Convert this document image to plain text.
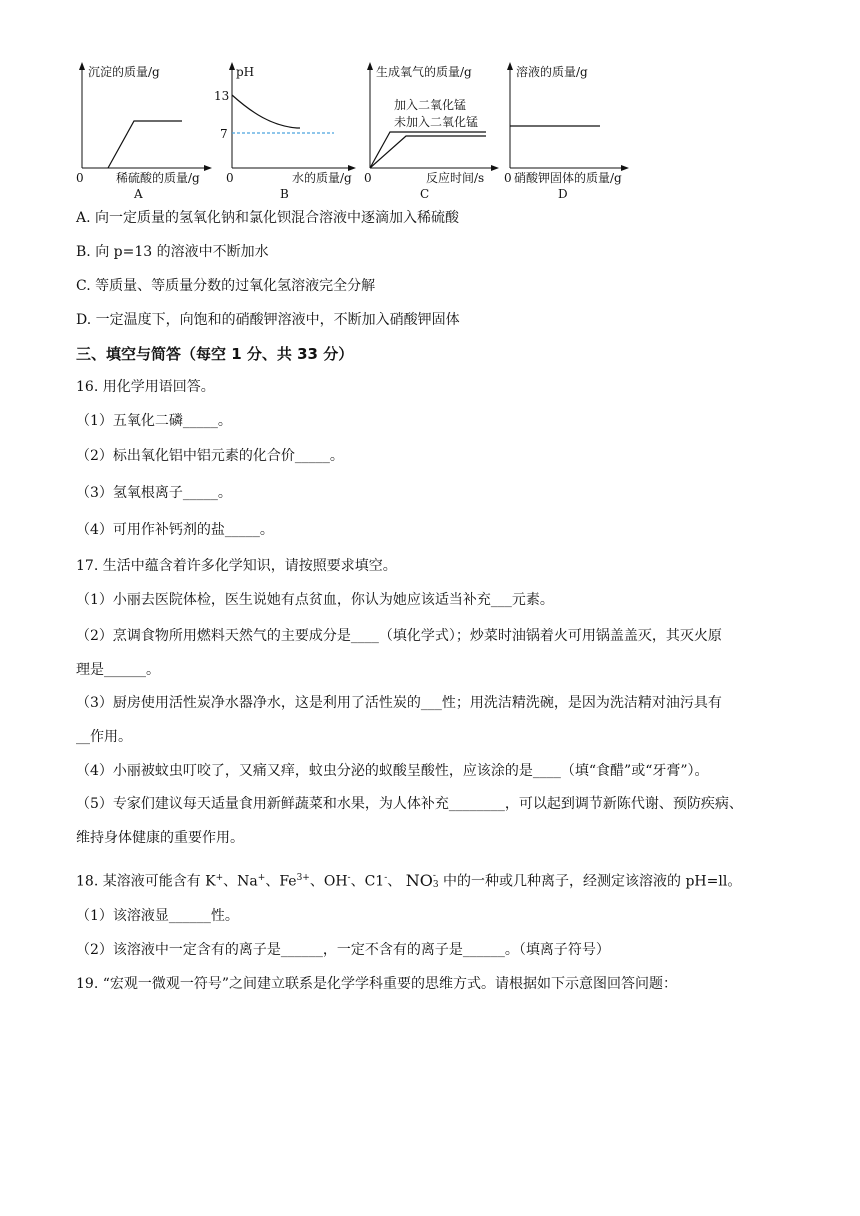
沉淀的质量/g
0	稀硫酸的质量/g
A
pH
13
7
0	水的质量/g
B
生成氧气的质量/g
加入二氧化锰
未加入二氧化锰
0	反应时间/s
C
溶液的质量/g
0 硝酸钾固体的质量/g
D
A. 向一定质量的氢氧化钠和氯化钡混合溶液中逐滴加入稀硫酸
B. 向 p=13 的溶液中不断加水
C. 等质量、等质量分数的过氧化氢溶液完全分解
D. 一定温度下，向饱和的硝酸钾溶液中，不断加入硝酸钾固体
三、填空与简答（每空 1 分、共 33 分）
16. 用化学用语回答。
（1）五氧化二磷_____。
（2）标出氧化铝中铝元素的化合价_____。
（3）氢氧根离子_____。
（4）可用作补钙剂的盐_____。
17. 生活中蕴含着许多化学知识，请按照要求填空。
（1）小丽去医院体检，医生说她有点贫血，你认为她应该适当补充___元素。
（2）烹调食物所用燃料天然气的主要成分是____（填化学式）；炒菜时油锅着火可用锅盖盖灭，其灭火原
理是______。
（3）厨房使用活性炭净水器净水，这是利用了活性炭的___性；用洗洁精洗碗，是因为洗洁精对油污具有
__作用。
（4）小丽被蚊虫叮咬了，又痛又痒，蚊虫分泌的蚁酸呈酸性，应该涂的是____（填“食醋”或“牙膏”）。
（5）专家们建议每天适量食用新鲜蔬菜和水果，为人体补充________，可以起到调节新陈代谢、预防疾病、
维持身体健康的重要作用。
18. 某溶液可能含有 K+、Na+、$Fe^{3+}$、OH-、C1-、 NO -
3 中的一种或几种离子，经测定该溶液的 pH=ll。
（1）该溶液显______性。
（2）该溶液中一定含有的离子是______，一定不含有的离子是______。（填离子符号）
19. “宏观一微观一符号”之间建立联系是化学学科重要的思维方式。请根据如下示意图回答问题：
